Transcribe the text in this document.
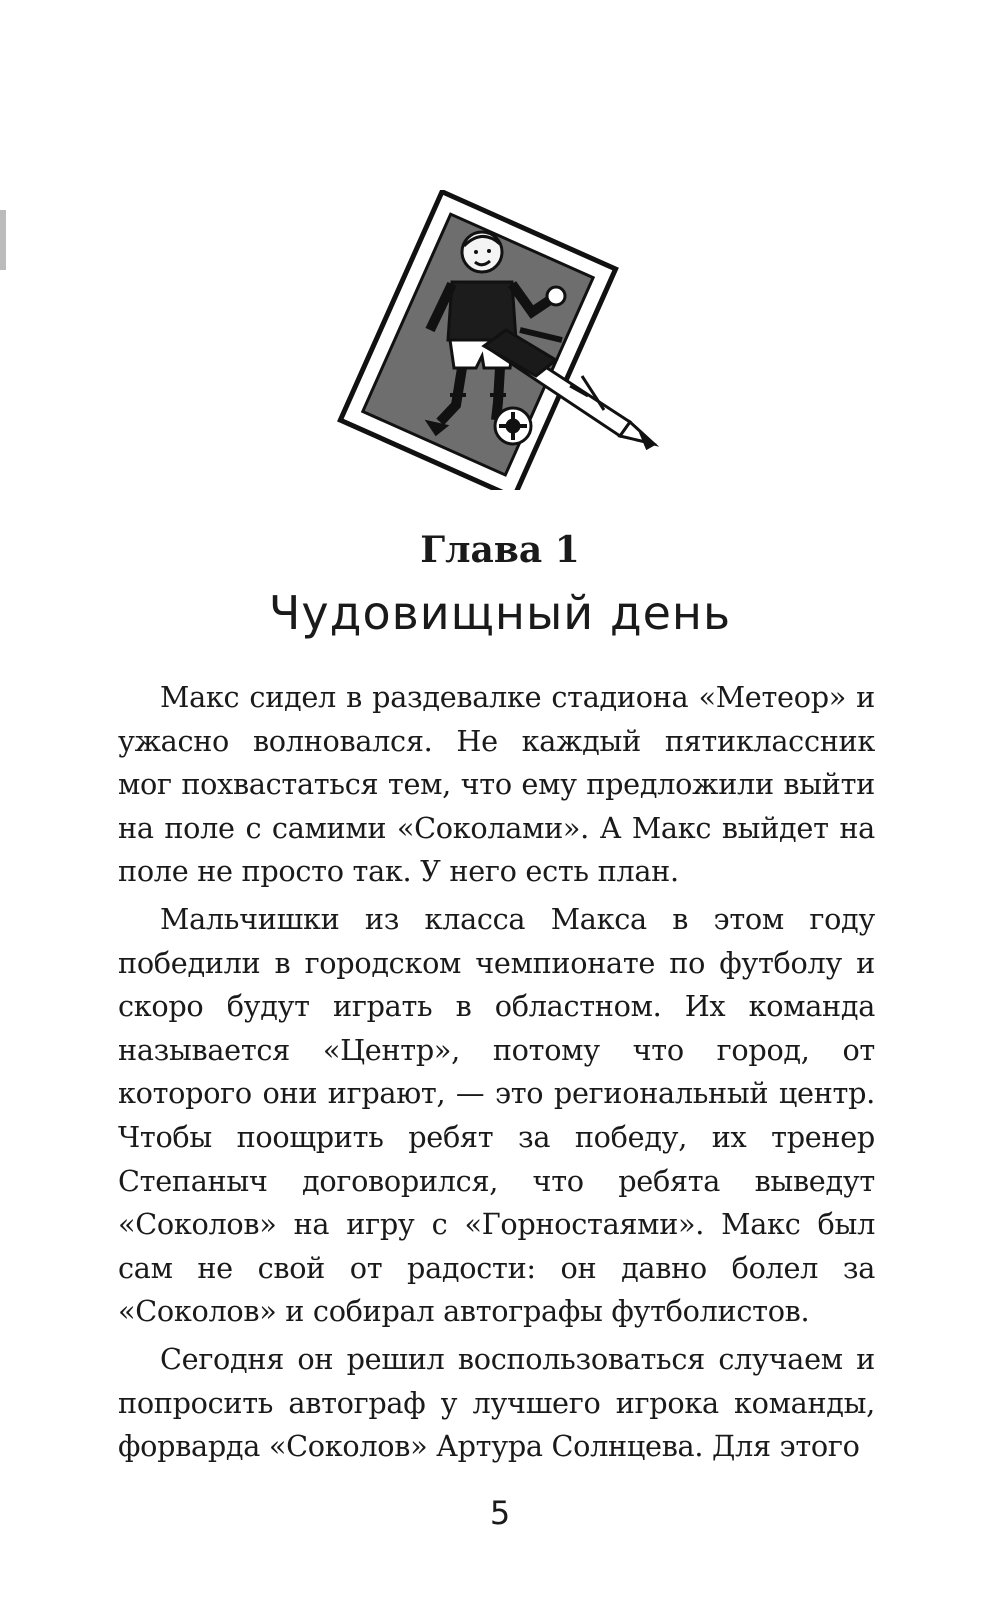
Глава 1
Чудовищный день

Макс сидел в раздевалке стадиона «Метеор» и ужасно волновался. Не каждый пятиклассник мог похвастаться тем, что ему предложили выйти на поле с самими «Соколами». А Макс выйдет на поле не просто так. У него есть план.

Мальчишки из класса Макса в этом году победили в городском чемпионате по футболу и скоро будут играть в областном. Их команда называется «Центр», потому что город, от которого они играют, — это региональный центр. Чтобы поощрить ребят за победу, их тренер Степаныч договорился, что ребята выведут «Соколов» на игру с «Горностаями». Макс был сам не свой от радости: он давно болел за «Соколов» и собирал автографы футболистов.

Сегодня он решил воспользоваться случаем и попросить автограф у лучшего игрока команды, форварда «Соколов» Артура Солнцева. Для этого

5
